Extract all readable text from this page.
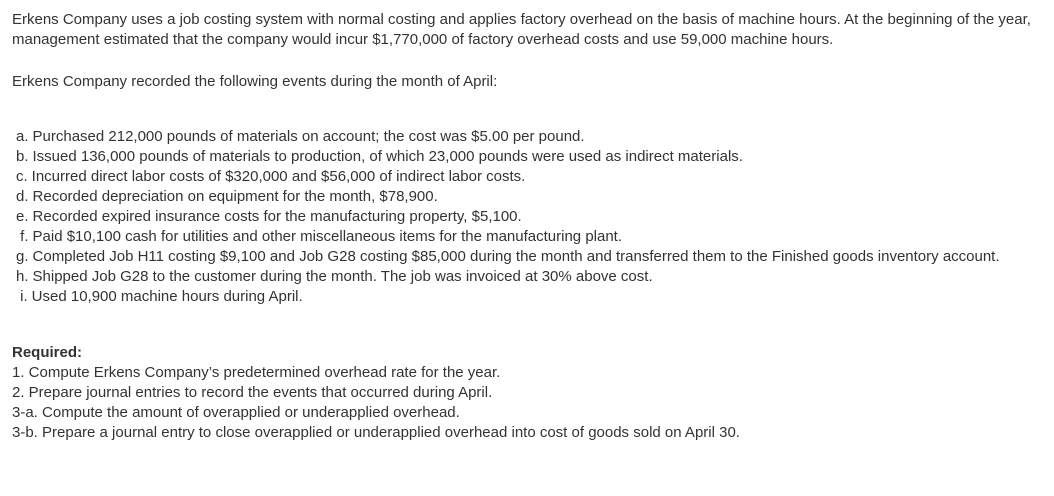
Erkens Company uses a job costing system with normal costing and applies factory overhead on the basis of machine hours. At the beginning of the year, management estimated that the company would incur $1,770,000 of factory overhead costs and use 59,000 machine hours.

Erkens Company recorded the following events during the month of April:

a. Purchased 212,000 pounds of materials on account; the cost was $5.00 per pound.
b. Issued 136,000 pounds of materials to production, of which 23,000 pounds were used as indirect materials.
c. Incurred direct labor costs of $320,000 and $56,000 of indirect labor costs.
d. Recorded depreciation on equipment for the month, $78,900.
e. Recorded expired insurance costs for the manufacturing property, $5,100.
f. Paid $10,100 cash for utilities and other miscellaneous items for the manufacturing plant.
g. Completed Job H11 costing $9,100 and Job G28 costing $85,000 during the month and transferred them to the Finished goods inventory account.
h. Shipped Job G28 to the customer during the month. The job was invoiced at 30% above cost.
i. Used 10,900 machine hours during April.

Required:

1. Compute Erkens Company’s predetermined overhead rate for the year.
2. Prepare journal entries to record the events that occurred during April.
3-a. Compute the amount of overapplied or underapplied overhead.
3-b. Prepare a journal entry to close overapplied or underapplied overhead into cost of goods sold on April 30.
